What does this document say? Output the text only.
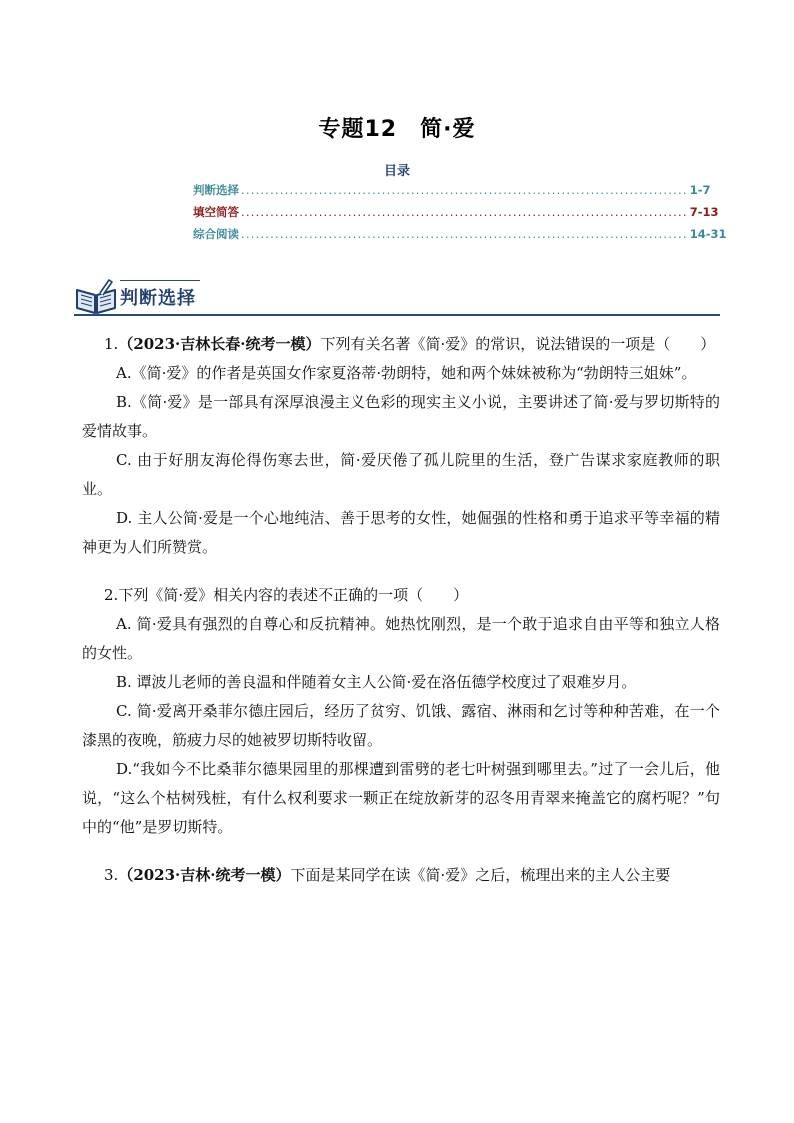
专题12　简·爱
目录
判断选择 ............................................................................................ 1-7
填空简答 ............................................................................................ 7-13
综合阅读 ............................................................................................ 14-31
判断选择

1.（2023·吉林长春·统考一模）下列有关名著《简·爱》的常识，说法错误的一项是（　　）

A.《简·爱》的作者是英国女作家夏洛蒂·勃朗特，她和两个妹妹被称为“勃朗特三姐妹”。

B.《简·爱》是一部具有深厚浪漫主义色彩的现实主义小说，主要讲述了简·爱与罗切斯特的爱情故事。

C. 由于好朋友海伦得伤寒去世，简·爱厌倦了孤儿院里的生活，登广告谋求家庭教师的职业。

D. 主人公简·爱是一个心地纯洁、善于思考的女性，她倔强的性格和勇于追求平等幸福的精神更为人们所赞赏。

2.下列《简·爱》相关内容的表述不正确的一项（　　）

A. 简·爱具有强烈的自尊心和反抗精神。她热忱刚烈，是一个敢于追求自由平等和独立人格的女性。

B. 谭波儿老师的善良温和伴随着女主人公简·爱在洛伍德学校度过了艰难岁月。

C. 简·爱离开桑菲尔德庄园后，经历了贫穷、饥饿、露宿、淋雨和乞讨等种种苦难，在一个漆黑的夜晚，筋疲力尽的她被罗切斯特收留。

D.“我如今不比桑菲尔德果园里的那棵遭到雷劈的老七叶树强到哪里去。”过了一会儿后，他说，“这么个枯树残桩，有什么权利要求一颗正在绽放新芽的忍冬用青翠来掩盖它的腐朽呢？”句中的“他”是罗切斯特。

3.（2023·吉林·统考一模）下面是某同学在读《简·爱》之后，梳理出来的主人公主要
